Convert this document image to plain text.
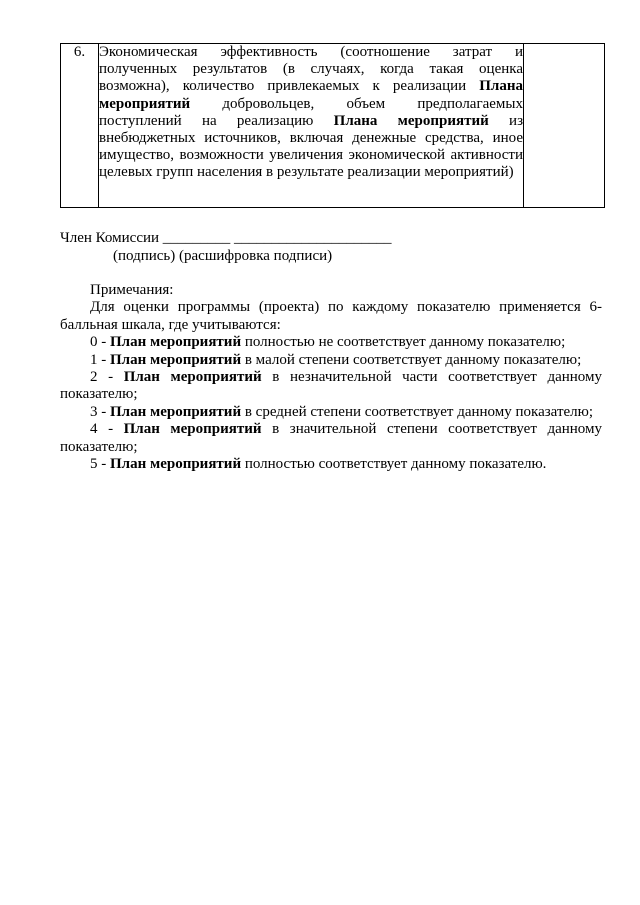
6.	Экономическая эффективность (соотношение затрат и полученных результатов (в случаях, когда такая оценка возможна), количество привлекаемых к реализации Плана мероприятий добровольцев, объем предполагаемых поступлений на реализацию Плана мероприятий из внебюджетных источников, включая денежные средства, иное имущество, возможности увеличения экономической активности целевых групп населения в результате реализации мероприятий)	
Член Комиссии _________ _____________________
(подпись) (расшифровка подписи)

Примечания:

Для оценки программы (проекта) по каждому показателю применяется 6-балльная шкала, где учитываются:

0 - План мероприятий полностью не соответствует данному показателю;

1 - План мероприятий в малой степени соответствует данному показателю;

2 - План мероприятий в незначительной части соответствует данному показателю;

3 - План мероприятий в средней степени соответствует данному показателю;

4 - План мероприятий в значительной степени соответствует данному показателю;

5 - План мероприятий полностью соответствует данному показателю.
